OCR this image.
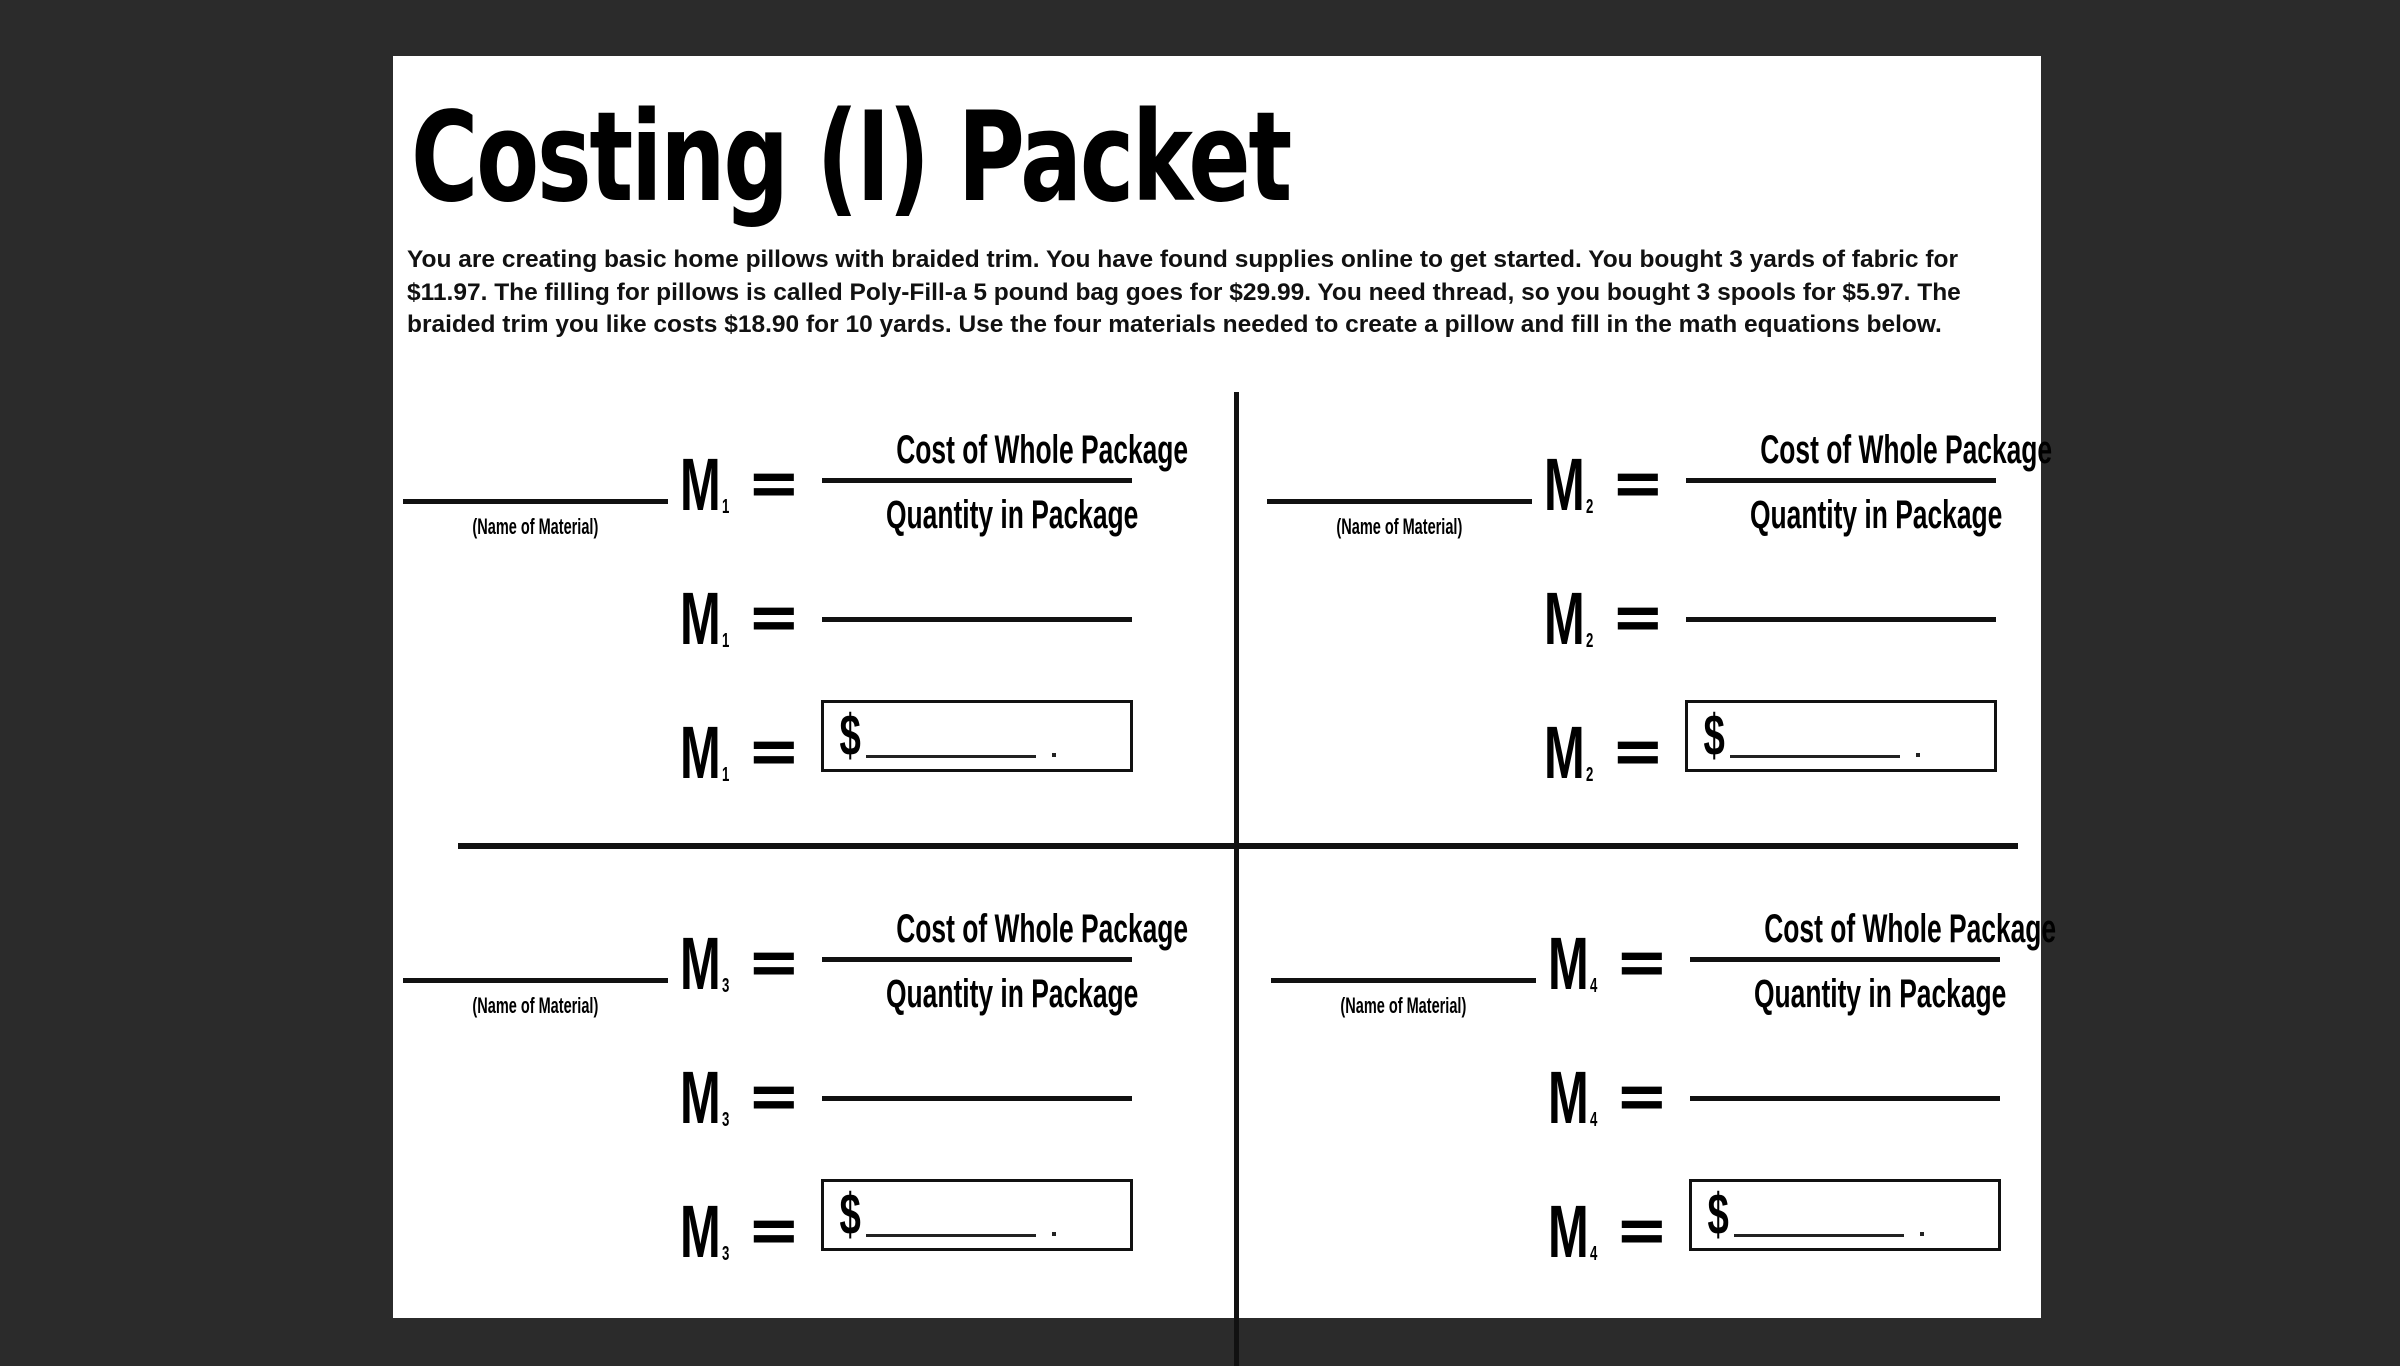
Costing (I) Packet

You are creating basic home pillows with braided trim. You have found supplies online to get started. You bought 3 yards of fabric for $11.97. The filling for pillows is called Poly-Fill-a 5 pound bag goes for $29.99. You need thread, so you bought 3 spools for $5.97. The braided trim you like costs $18.90 for 10 yards. Use the four materials needed to create a pillow and fill in the math equations below.

(Name of Material)
$M_1$ =	Cost of Whole Package
Quantity in Package
$M_1$ =
$M_1$ = $
(Name of Material)
$M_2$ =	Cost of Whole Package
Quantity in Package
$M_2$ =
$M_2$ = $
(Name of Material)
$M_3$ =	Cost of Whole Package
Quantity in Package
$M_3$ =
$M_3$ = $
(Name of Material)
$M_4$ =	Cost of Whole Package
Quantity in Package
$M_4$ =
$M_4$ = $
